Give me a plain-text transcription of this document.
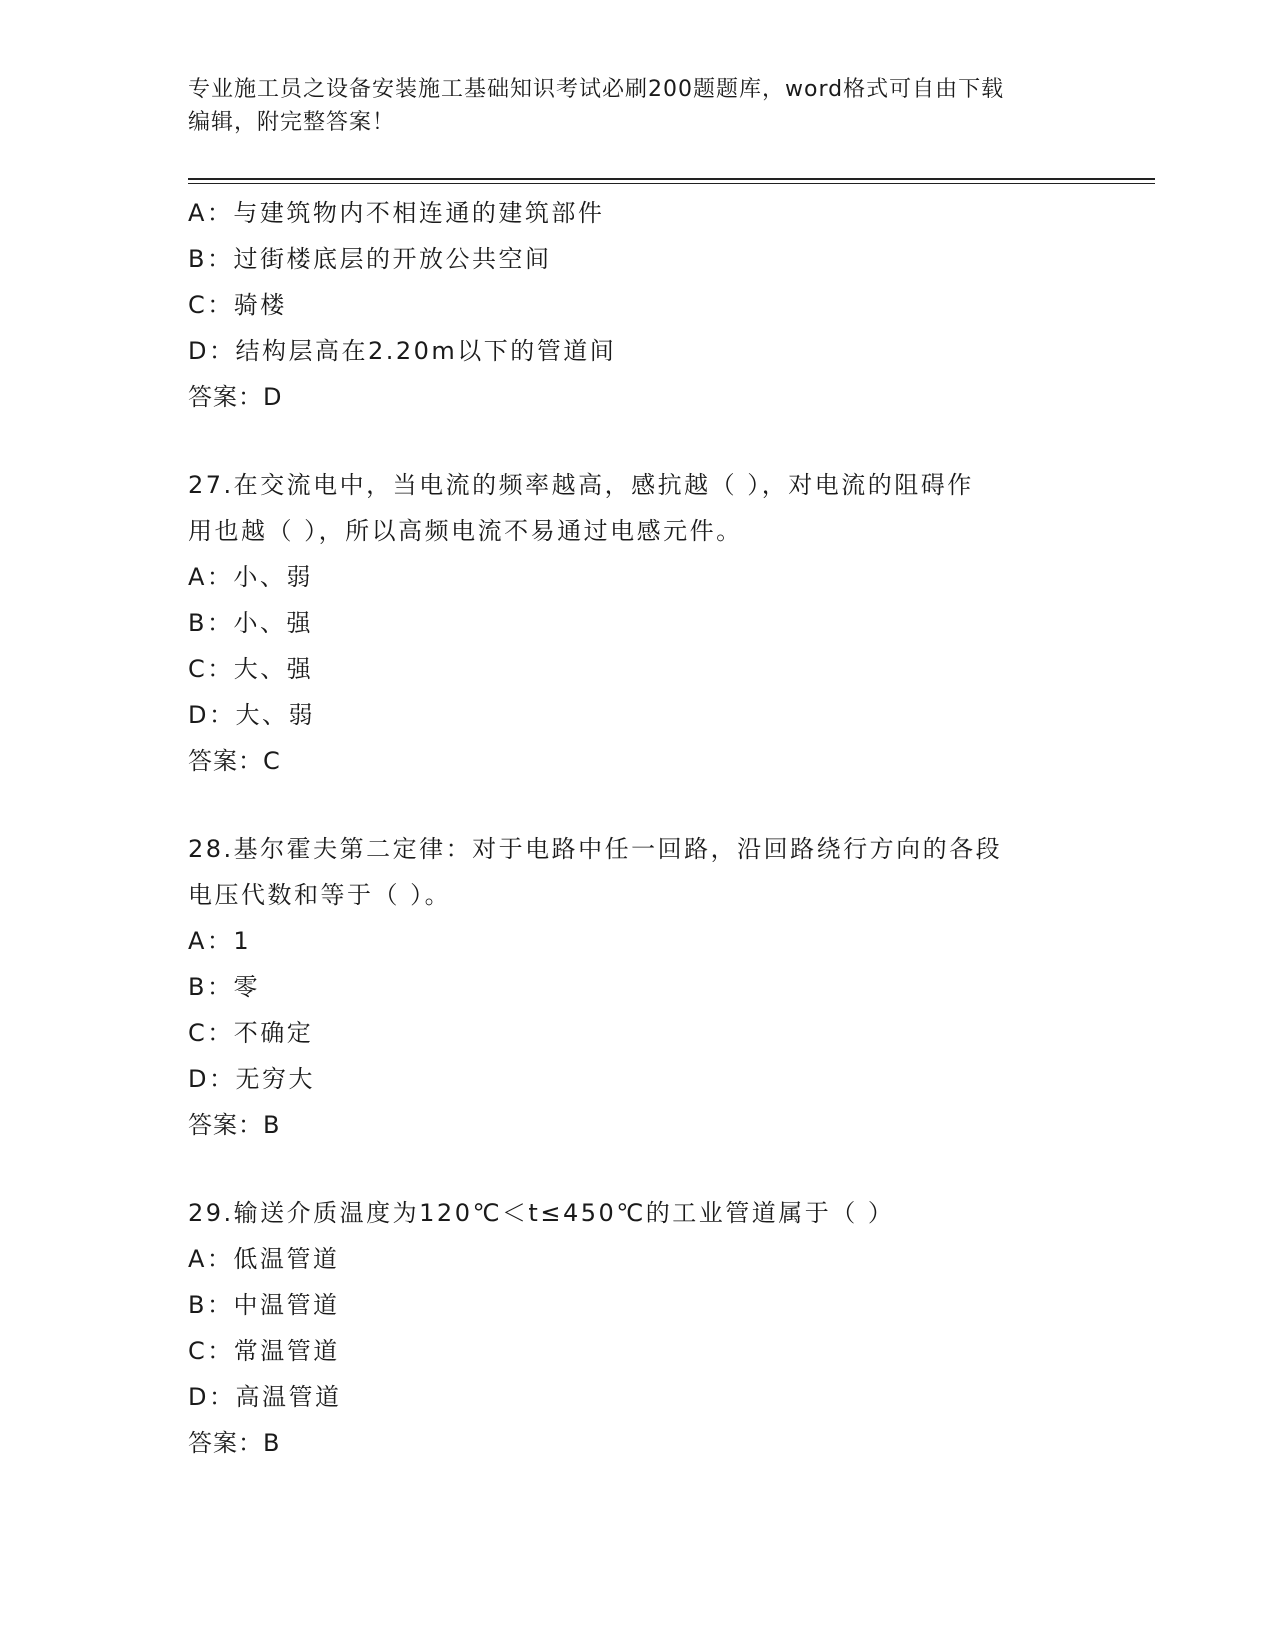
专业施工员之设备安装施工基础知识考试必刷200题题库，word格式可自由下载
编辑，附完整答案！
A：与建筑物内不相连通的建筑部件
B：过街楼底层的开放公共空间
C：骑楼
D：结构层高在2.20m以下的管道间
答案：D
27.在交流电中，当电流的频率越高，感抗越（ ），对电流的阻碍作
用也越（ ），所以高频电流不易通过电感元件。
A：小、弱
B：小、强
C：大、强
D：大、弱
答案：C
28.基尔霍夫第二定律：对于电路中任一回路，沿回路绕行方向的各段
电压代数和等于（ ）。
A：1
B：零
C：不确定
D：无穷大
答案：B
29.输送介质温度为120℃＜t≤450℃的工业管道属于（ ）
A：低温管道
B：中温管道
C：常温管道
D：高温管道
答案：B
